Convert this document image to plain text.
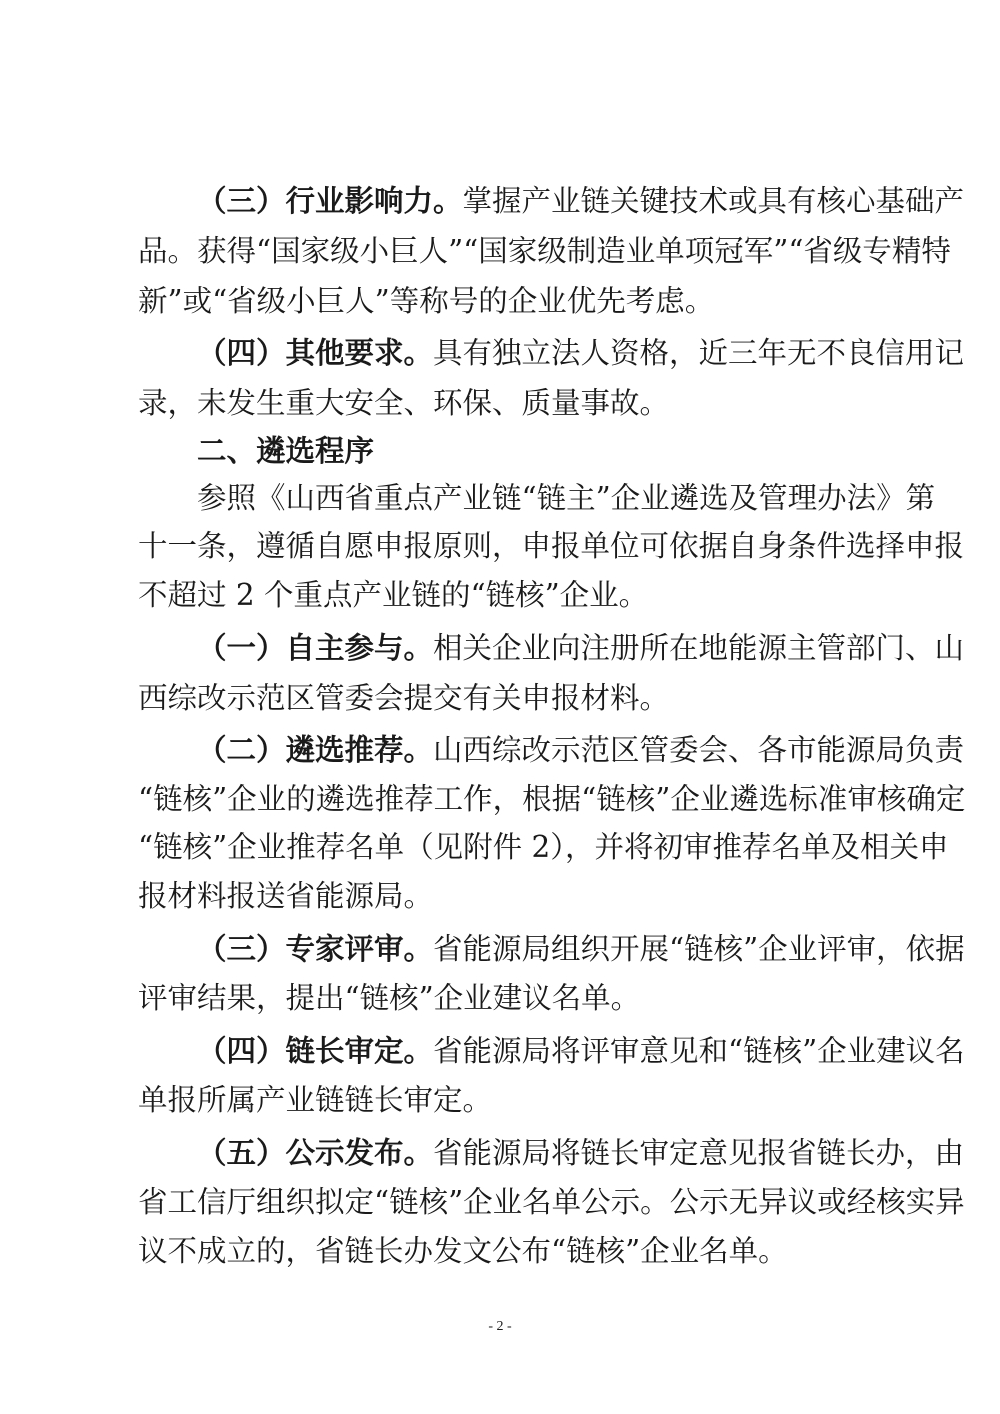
（三）行业影响力。掌握产业链关键技术或具有核心基础产
品。获得“国家级小巨人”“国家级制造业单项冠军”“省级专精特
新”或“省级小巨人”等称号的企业优先考虑。
（四）其他要求。具有独立法人资格，近三年无不良信用记
录，未发生重大安全、环保、质量事故。
二、遴选程序
参照《山西省重点产业链“链主”企业遴选及管理办法》第
十一条，遵循自愿申报原则，申报单位可依据自身条件选择申报
不超过 2 个重点产业链的“链核”企业。
（一）自主参与。相关企业向注册所在地能源主管部门、山
西综改示范区管委会提交有关申报材料。
（二）遴选推荐。山西综改示范区管委会、各市能源局负责
“链核”企业的遴选推荐工作，根据“链核”企业遴选标准审核确定
“链核”企业推荐名单（见附件 2），并将初审推荐名单及相关申
报材料报送省能源局。
（三）专家评审。省能源局组织开展“链核”企业评审，依据
评审结果，提出“链核”企业建议名单。
（四）链长审定。省能源局将评审意见和“链核”企业建议名
单报所属产业链链长审定。
（五）公示发布。省能源局将链长审定意见报省链长办，由
省工信厅组织拟定“链核”企业名单公示。公示无异议或经核实异
议不成立的，省链长办发文公布“链核”企业名单。
- 2 -
